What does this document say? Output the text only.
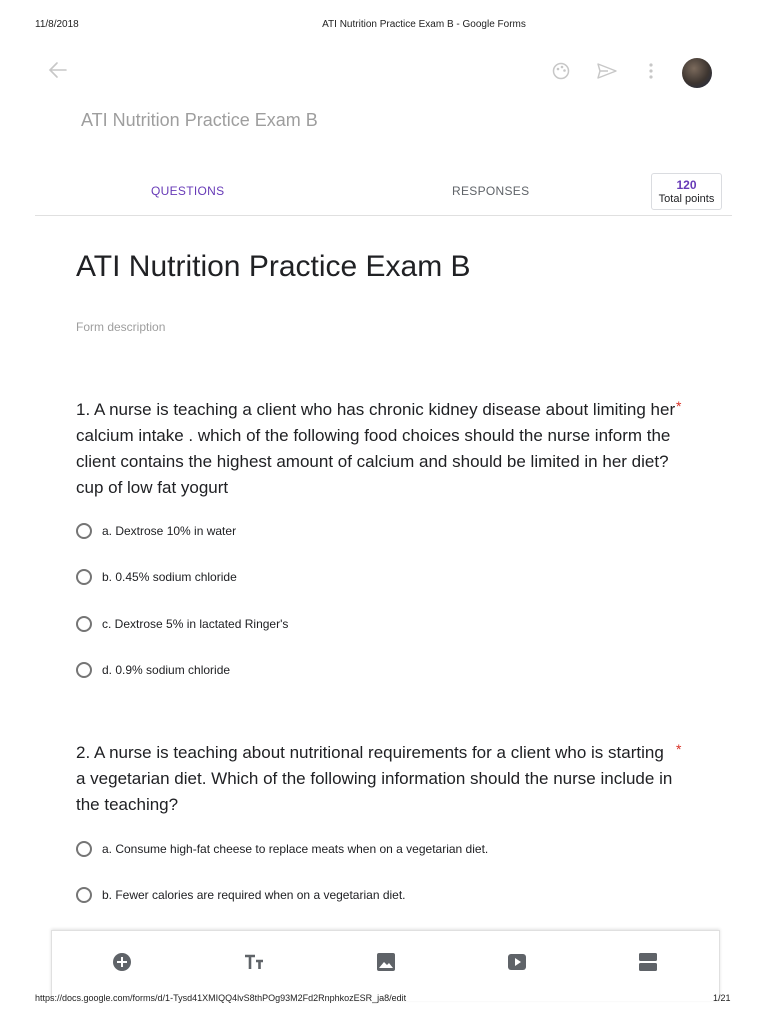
11/8/2018	ATI Nutrition Practice Exam B - Google Forms
ATI Nutrition Practice Exam B
QUESTIONS	RESPONSES	120
Total points
ATI Nutrition Practice Exam B
Form description
1. A nurse is teaching a client who has chronic kidney disease about limiting her calcium intake . which of the following food choices should the nurse inform the client contains the highest amount of calcium and should be limited in her diet?cup of low fat yogurt
*
a. Dextrose 10% in water
b. 0.45% sodium chloride
c. Dextrose 5% in lactated Ringer's
d. 0.9% sodium chloride
2. A nurse is teaching about nutritional requirements for a client who is starting a vegetarian diet. Which of the following information should the nurse include in the teaching?
*
a. Consume high-fat cheese to replace meats when on a vegetarian diet.
b. Fewer calories are required when on a vegetarian diet.
https://docs.google.com/forms/d/1-Tysd41XMIQQ4lvS8thPOg93M2Fd2RnphkozESR_ja8/edit	1/21
